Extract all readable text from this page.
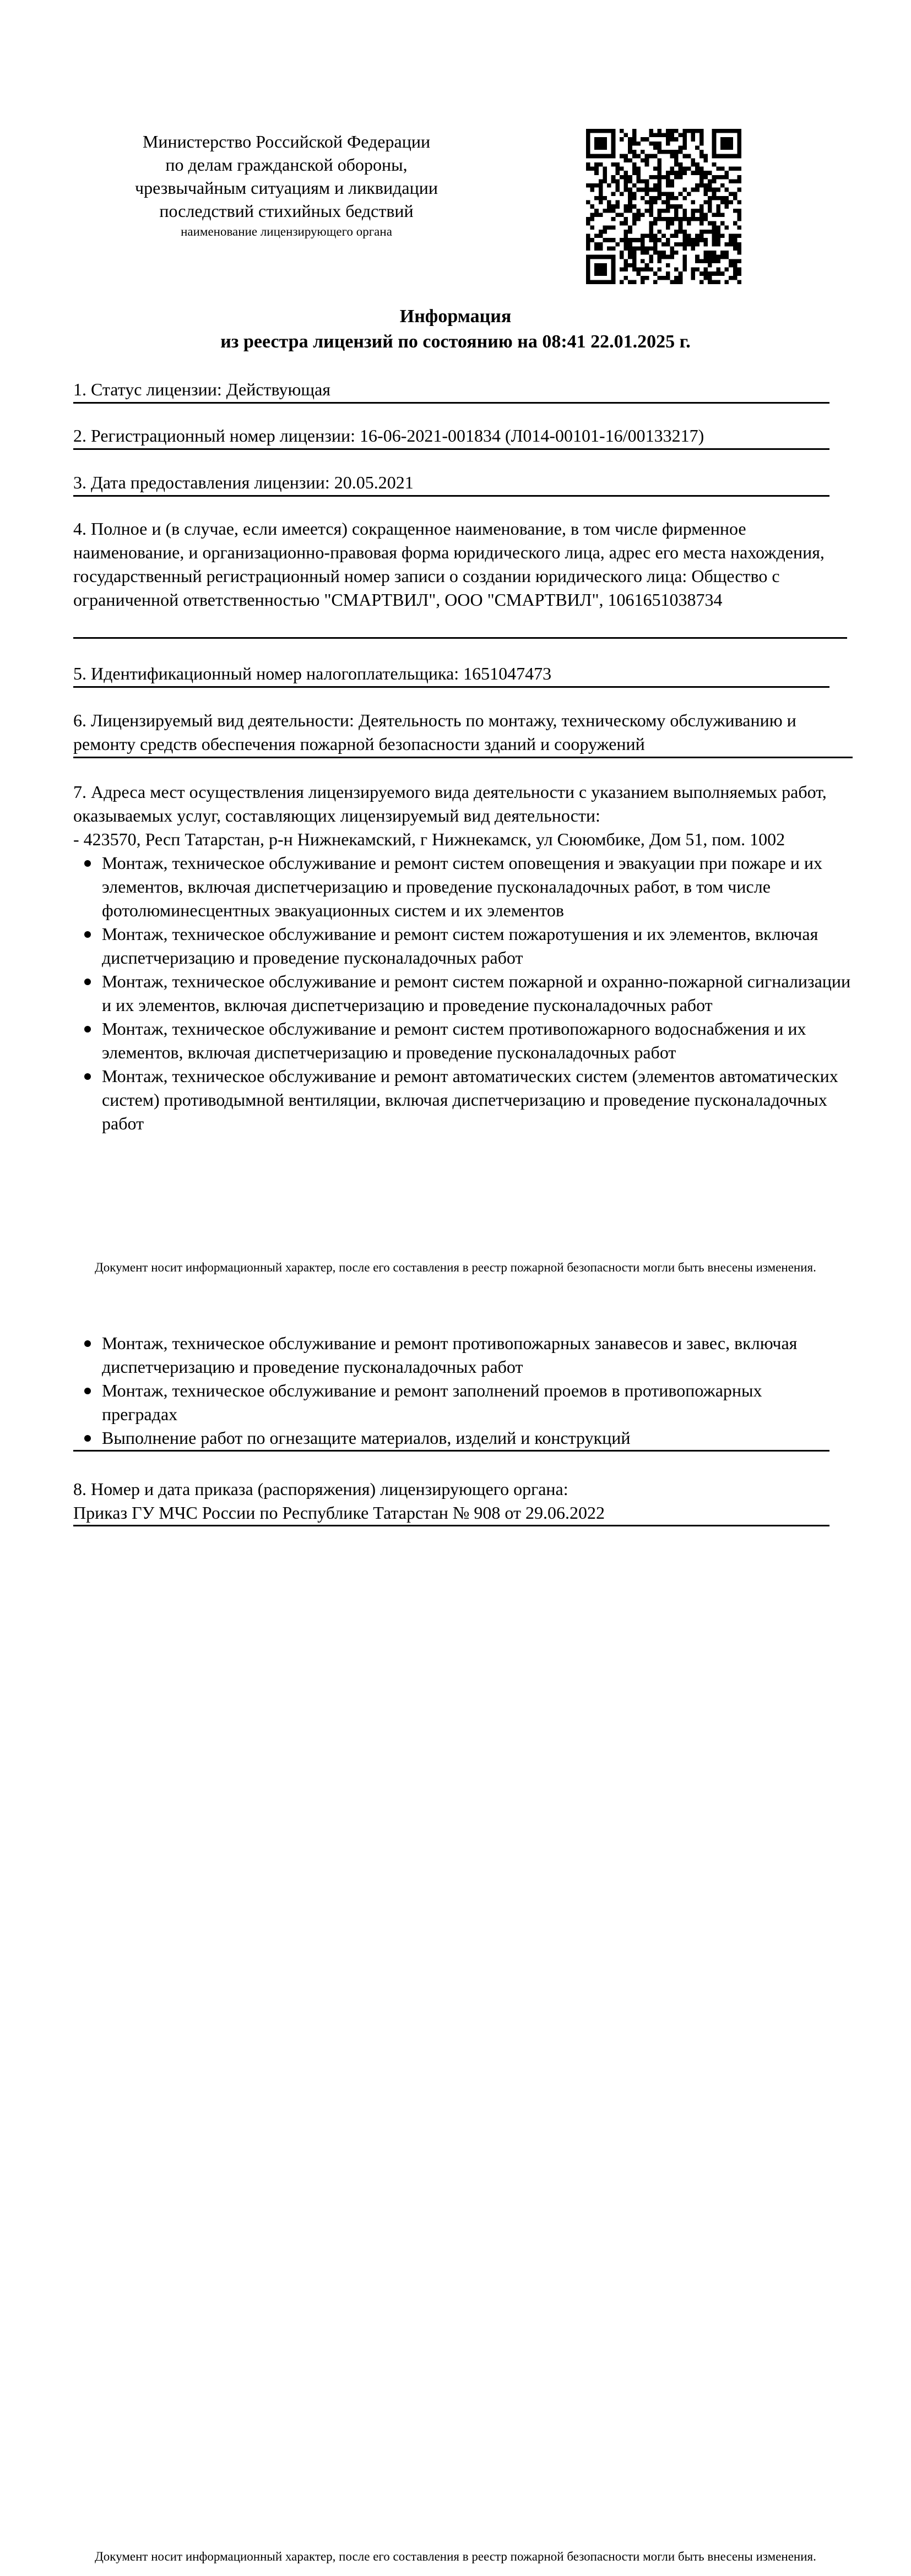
Министерство Российской Федерации
по делам гражданской обороны,
чрезвычайным ситуациям и ликвидации
последствий стихийных бедствий
наименование лицензирующего органа
Информация
из реестра лицензий по состоянию на 08:41 22.01.2025 г.
1. Статус лицензии: Действующая
2. Регистрационный номер лицензии: 16-06-2021-001834 (Л014-00101-16/00133217)
3. Дата предоставления лицензии: 20.05.2021
4. Полное и (в случае, если имеется) сокращенное наименование, в том числе фирменное наименование, и организационно-правовая форма юридического лица, адрес его места нахождения, государственный регистрационный номер записи о создании юридического лица: Общество с ограниченной ответственностью "СМАРТВИЛ", ООО "СМАРТВИЛ", 1061651038734
5. Идентификационный номер налогоплательщика: 1651047473
6. Лицензируемый вид деятельности: Деятельность по монтажу, техническому обслуживанию и ремонту средств обеспечения пожарной безопасности зданий и сооружений
7. Адреса мест осуществления лицензируемого вида деятельности с указанием выполняемых работ, оказываемых услуг, составляющих лицензируемый вид деятельности:
- 423570, Респ Татарстан, р-н Нижнекамский, г Нижнекамск, ул Сююмбике, Дом 51, пом. 1002
Монтаж, техническое обслуживание и ремонт систем оповещения и эвакуации при пожаре и их элементов, включая диспетчеризацию и проведение пусконаладочных работ, в том числе фотолюминесцентных эвакуационных систем и их элементов
Монтаж, техническое обслуживание и ремонт систем пожаротушения и их элементов, включая диспетчеризацию и проведение пусконаладочных работ
Монтаж, техническое обслуживание и ремонт систем пожарной и охранно-пожарной сигнализации и их элементов, включая диспетчеризацию и проведение пусконаладочных работ
Монтаж, техническое обслуживание и ремонт систем противопожарного водоснабжения и их элементов, включая диспетчеризацию и проведение пусконаладочных работ
Монтаж, техническое обслуживание и ремонт автоматических систем (элементов автоматических систем) противодымной вентиляции, включая диспетчеризацию и проведение пусконаладочных работ
Документ носит информационный характер, после его составления в реестр пожарной безопасности могли быть внесены изменения.
Монтаж, техническое обслуживание и ремонт противопожарных занавесов и завес, включая диспетчеризацию и проведение пусконаладочных работ
Монтаж, техническое обслуживание и ремонт заполнений проемов в противопожарных преградах
Выполнение работ по огнезащите материалов, изделий и конструкций
8. Номер и дата приказа (распоряжения) лицензирующего органа:
Приказ ГУ МЧС России по Республике Татарстан № 908 от 29.06.2022
Документ носит информационный характер, после его составления в реестр пожарной безопасности могли быть внесены изменения.
